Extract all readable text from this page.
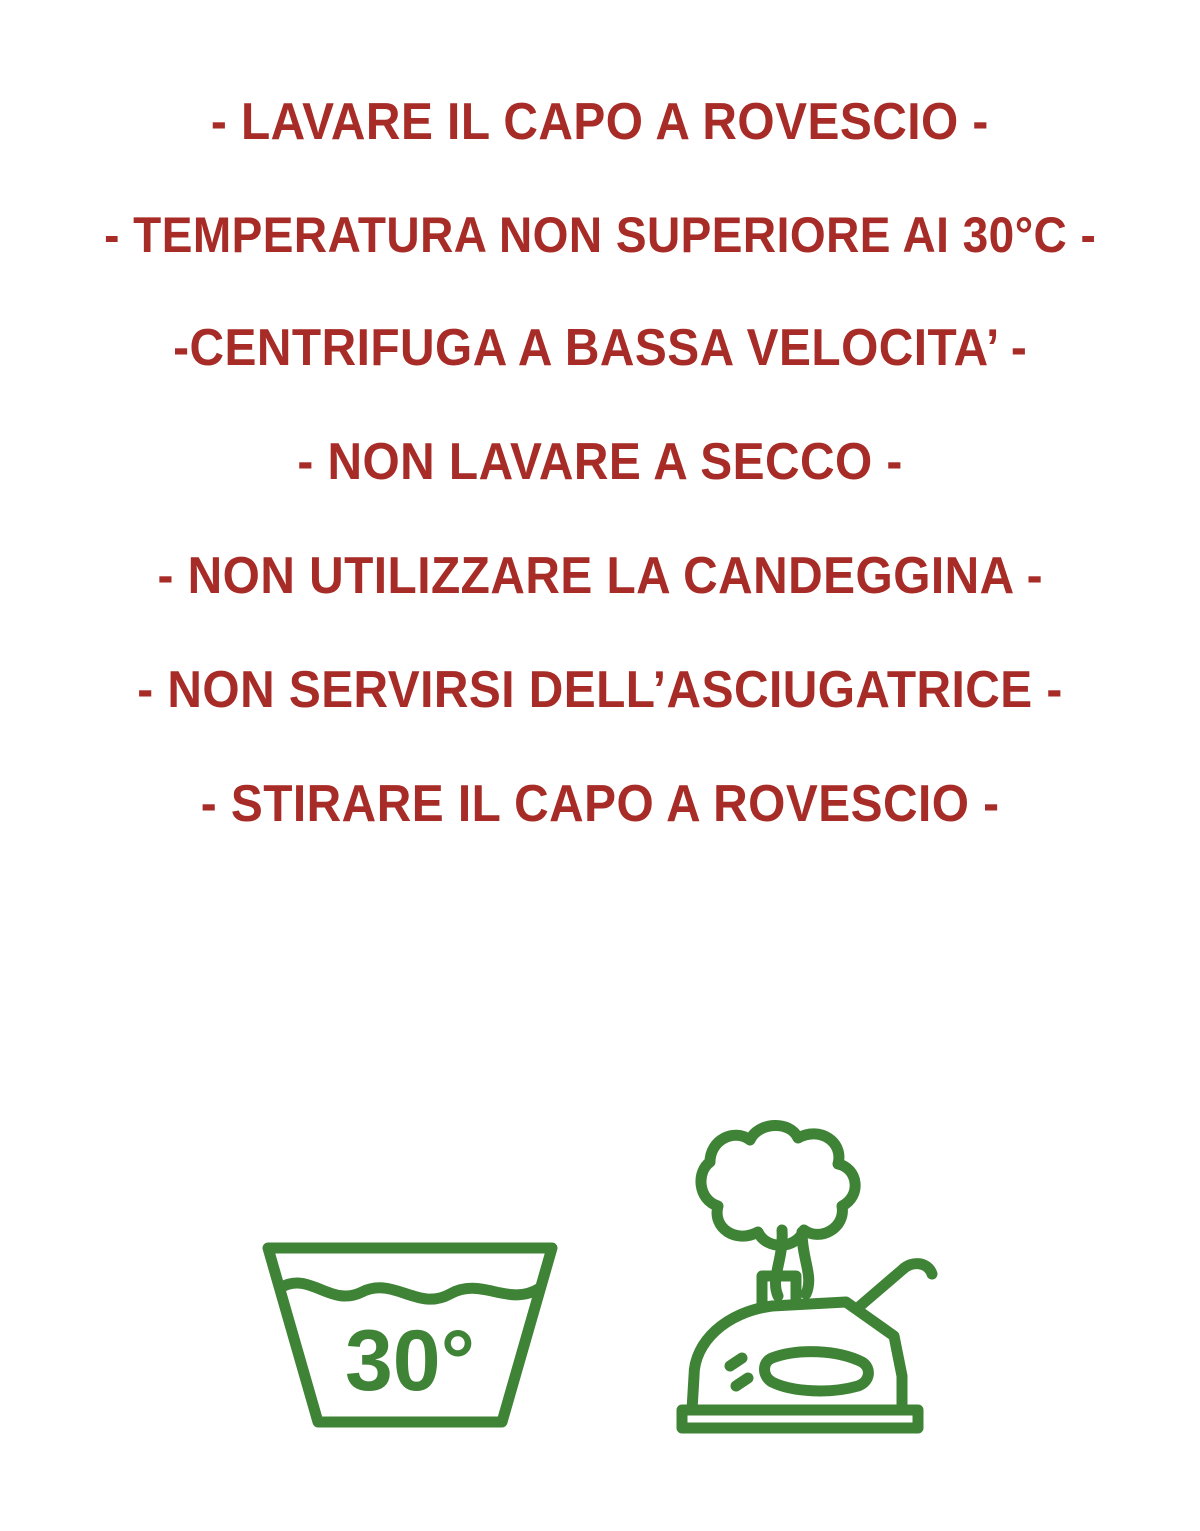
- LAVARE IL CAPO A ROVESCIO -

- TEMPERATURA NON SUPERIORE AI 30°C -

-CENTRIFUGA A BASSA VELOCITA’ -

- NON LAVARE A SECCO -

- NON UTILIZZARE LA CANDEGGINA -

- NON SERVIRSI DELL’ASCIUGATRICE -

- STIRARE IL CAPO A ROVESCIO -

30°
